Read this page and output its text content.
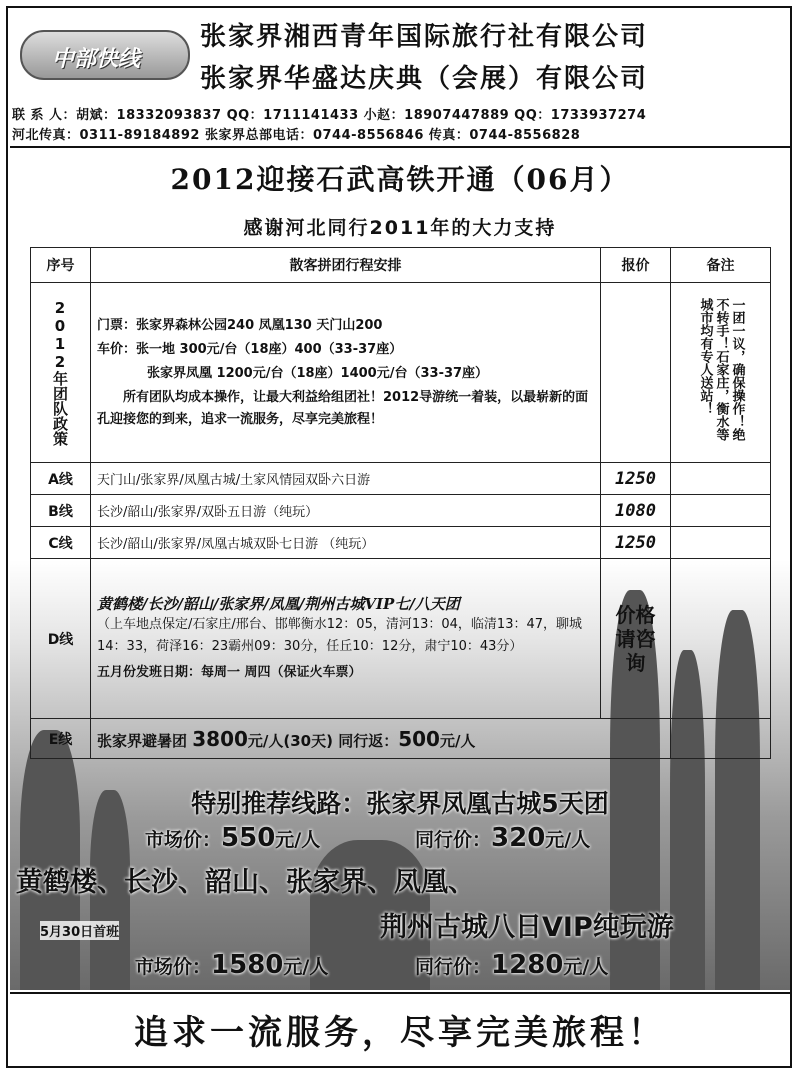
中部快线
张家界湘西青年国际旅行社有限公司
张家界华盛达庆典（会展）有限公司
联 系 人：胡斌：18332093837 QQ：1711141433 小赵：18907447889 QQ：1733937274
河北传真：0311-89184892 张家界总部电话：0744-8556846 传真：0744-8556828
2012迎接石武高铁开通（06月）
感谢河北同行2011年的大力支持
序号	散客拼团行程安排	报价	备注

2012年团队政策	门票：张家界森林公园240 凤凰130 天门山200

车价：张一地 300元/台（18座）400（33-37座）

张家界凤凰 1200元/台（18座）1400元/台（33-37座）

所有团队均成本操作，让最大利益给组团社！2012导游统一着装，以最崭新的面孔迎接您的到来，追求一流服务，尽享完美旅程！		一团一议，确保操作！绝不转手！石家庄，衡水等城市均有专人送站！

A线	天门山/张家界/凤凰古城/土家风情园双卧六日游	1250	
B线	长沙/韶山/张家界/双卧五日游（纯玩）	1080	
C线	长沙/韶山/张家界/凤凰古城双卧七日游 （纯玩）	1250	
D线	黄鹤楼/长沙/韶山/张家界/凤凰/荆州古城VIP七/八天团
（上车地点保定/石家庄/邢台、邯郸衡水12：05，清河13：04，临清13：47，聊城14：33，荷泽16：23霸州09：30分，任丘10：12分，肃宁10：43分）
五月份发班日期：每周一 周四（保证火车票）	价格请咨询	

E线	张家界避暑团 3800元/人(30天) 同行返：500元/人		
特别推荐线路：张家界凤凰古城5天团
市场价：550元/人	同行价：320元/人
黄鹤楼、长沙、韶山、张家界、凤凰、
5月30日首班	荆州古城八日VIP纯玩游
市场价：1580元/人	同行价：1280元/人
追求一流服务，尽享完美旅程！
